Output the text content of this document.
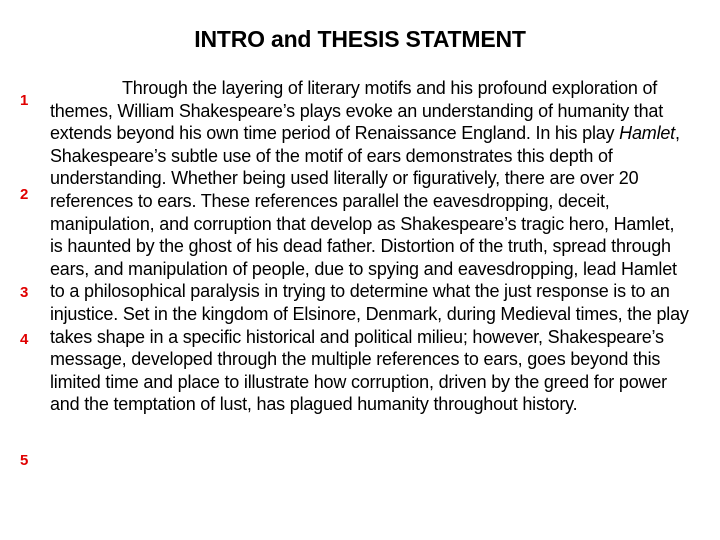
INTRO and THESIS STATMENT
1
2
3
4
5

Through the layering of literary motifs and his profound exploration of themes, William Shakespeare’s plays evoke an understanding of humanity that extends beyond his own time period of Renaissance England. In his play Hamlet, Shakespeare’s subtle use of the motif of ears demonstrates this depth of understanding. Whether being used literally or figuratively, there are over 20 references to ears. These references parallel the eavesdropping, deceit, manipulation, and corruption that develop as Shakespeare’s tragic hero, Hamlet, is haunted by the ghost of his dead father. Distortion of the truth, spread through ears, and manipulation of people, due to spying and eavesdropping, lead Hamlet to a philosophical paralysis in trying to determine what the just response is to an injustice. Set in the kingdom of Elsinore, Denmark, during Medieval times, the play takes shape in a specific historical and political milieu; however, Shakespeare’s message, developed through the multiple references to ears, goes beyond this limited time and place to illustrate how corruption, driven by the greed for power and the temptation of lust, has plagued humanity throughout history.
